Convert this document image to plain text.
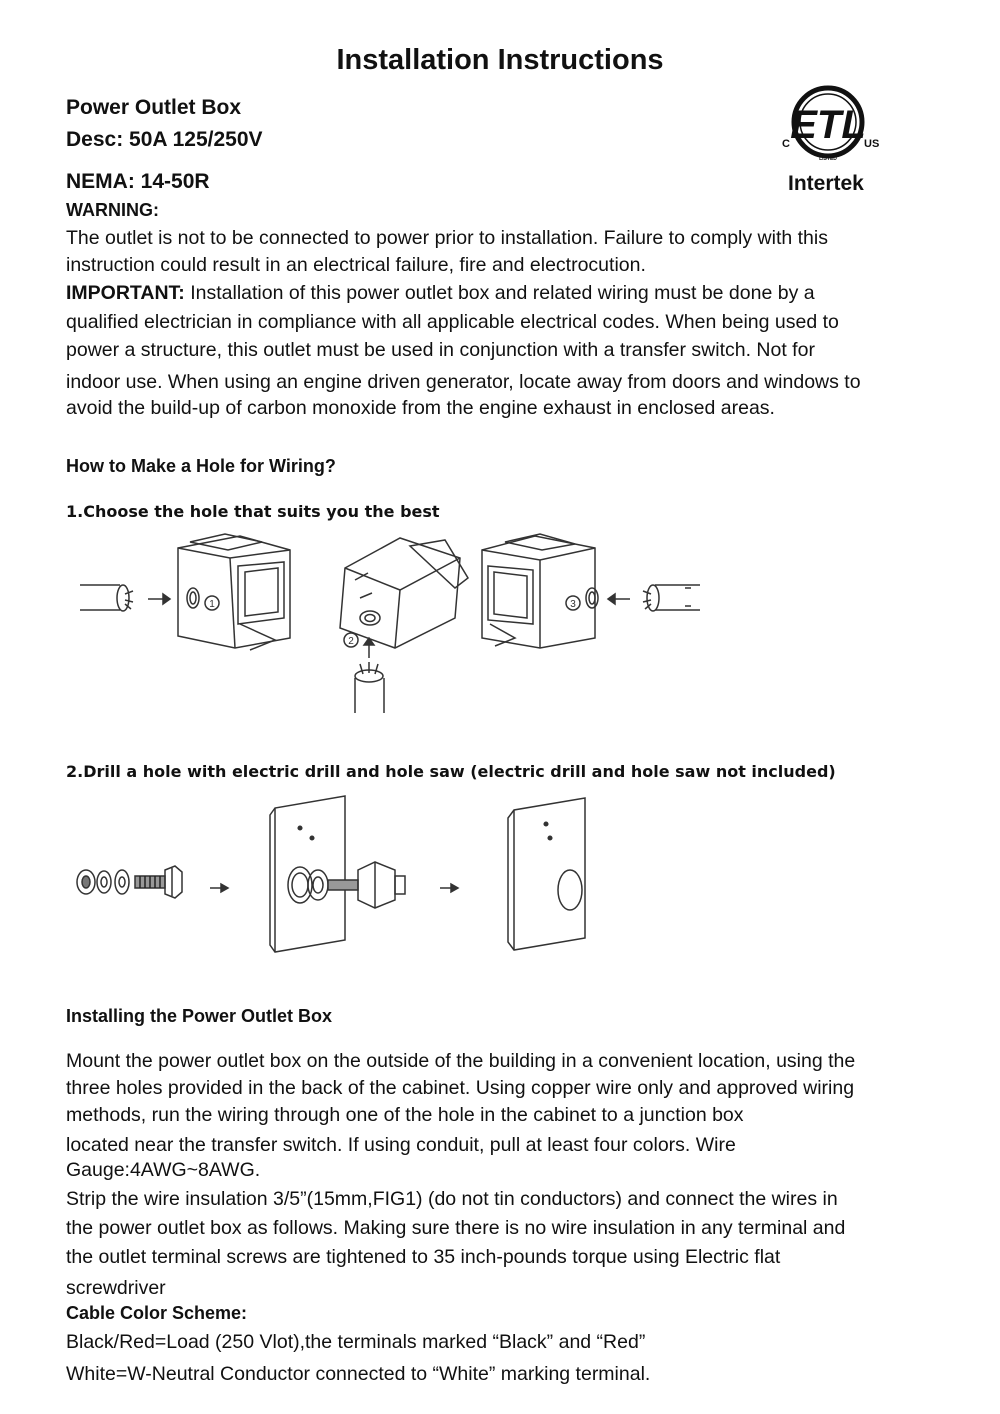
Installation Instructions
Power Outlet Box
Desc: 50A 125/250V
NEMA: 14-50R
ETL
C	US
LISTED
Intertek
WARNING:
The outlet is not to be connected to power prior to installation. Failure to comply with this
instruction could result in an electrical failure, fire and electrocution.
IMPORTANT: Installation of this power outlet box and related wiring must be done by a
qualified electrician in compliance with all applicable electrical codes. When being used to
power a structure, this outlet must be used in conjunction with a transfer switch. Not for
indoor use. When using an engine driven generator, locate away from doors and windows to
avoid the build-up of carbon monoxide from the engine exhaust in enclosed areas.
How to Make a Hole for Wiring?
1.Choose the hole that suits you the best
1
2
3
2.Drill a hole with electric drill and hole saw (electric drill and hole saw not included)
Installing the Power Outlet Box
Mount the power outlet box on the outside of the building in a convenient location, using the
three holes provided in the back of the cabinet. Using copper wire only and approved wiring
methods, run the wiring through one of the hole in the cabinet to a junction box
located near the transfer switch. If using conduit, pull at least four colors. Wire
Gauge:4AWG~8AWG.
Strip the wire insulation 3/5”(15mm,FIG1) (do not tin conductors) and connect the wires in
the power outlet box as follows. Making sure there is no wire insulation in any terminal and
the outlet terminal screws are tightened to 35 inch-pounds torque using Electric flat
screwdriver
Cable Color Scheme:
Black/Red=Load (250 Vlot),the terminals marked “Black” and “Red”
White=W-Neutral Conductor connected to “White” marking terminal.
